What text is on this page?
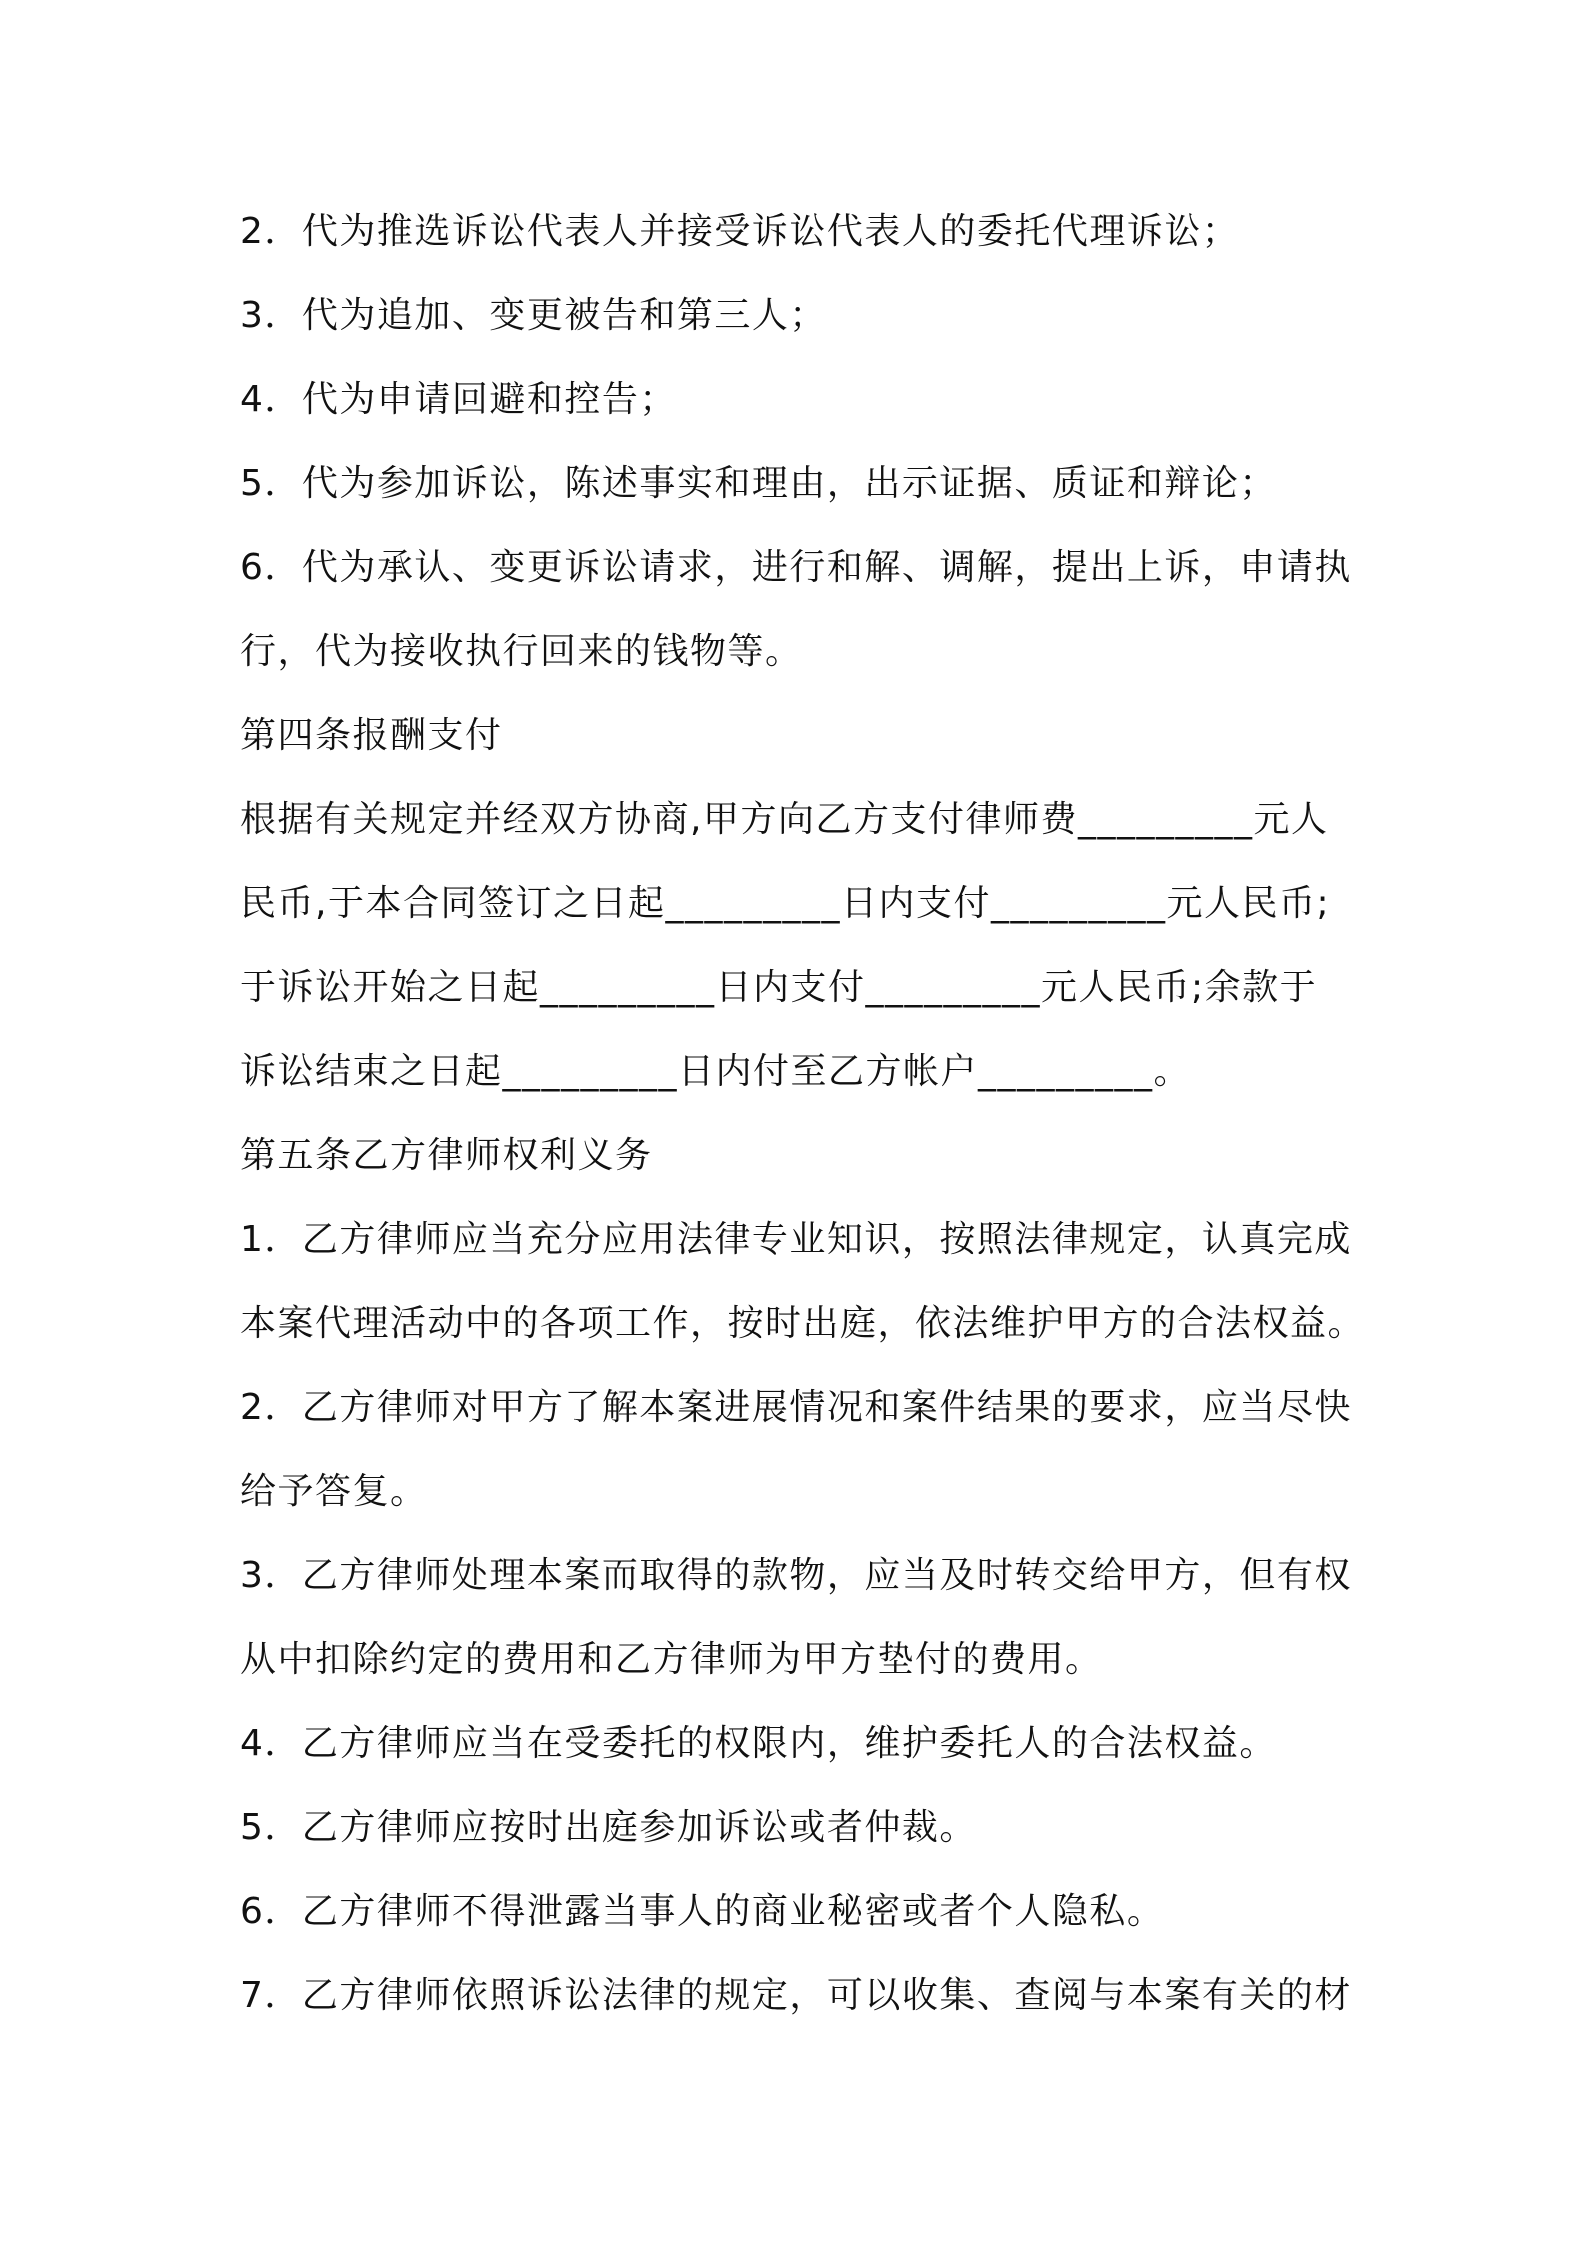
2．代为推选诉讼代表人并接受诉讼代表人的委托代理诉讼；
3．代为追加、变更被告和第三人；
4．代为申请回避和控告；
5．代为参加诉讼，陈述事实和理由，出示证据、质证和辩论；
6．代为承认、变更诉讼请求，进行和解、调解，提出上诉，申请执
行，代为接收执行回来的钱物等。
第四条报酬支付
根据有关规定并经双方协商,甲方向乙方支付律师费_________元人
民币,于本合同签订之日起_________日内支付_________元人民币;
于诉讼开始之日起_________日内支付_________元人民币;余款于
诉讼结束之日起_________日内付至乙方帐户_________。
第五条乙方律师权利义务
1．乙方律师应当充分应用法律专业知识，按照法律规定，认真完成
本案代理活动中的各项工作，按时出庭，依法维护甲方的合法权益。
2．乙方律师对甲方了解本案进展情况和案件结果的要求，应当尽快
给予答复。
3．乙方律师处理本案而取得的款物，应当及时转交给甲方，但有权
从中扣除约定的费用和乙方律师为甲方垫付的费用。
4．乙方律师应当在受委托的权限内，维护委托人的合法权益。
5．乙方律师应按时出庭参加诉讼或者仲裁。
6．乙方律师不得泄露当事人的商业秘密或者个人隐私。
7．乙方律师依照诉讼法律的规定，可以收集、查阅与本案有关的材
